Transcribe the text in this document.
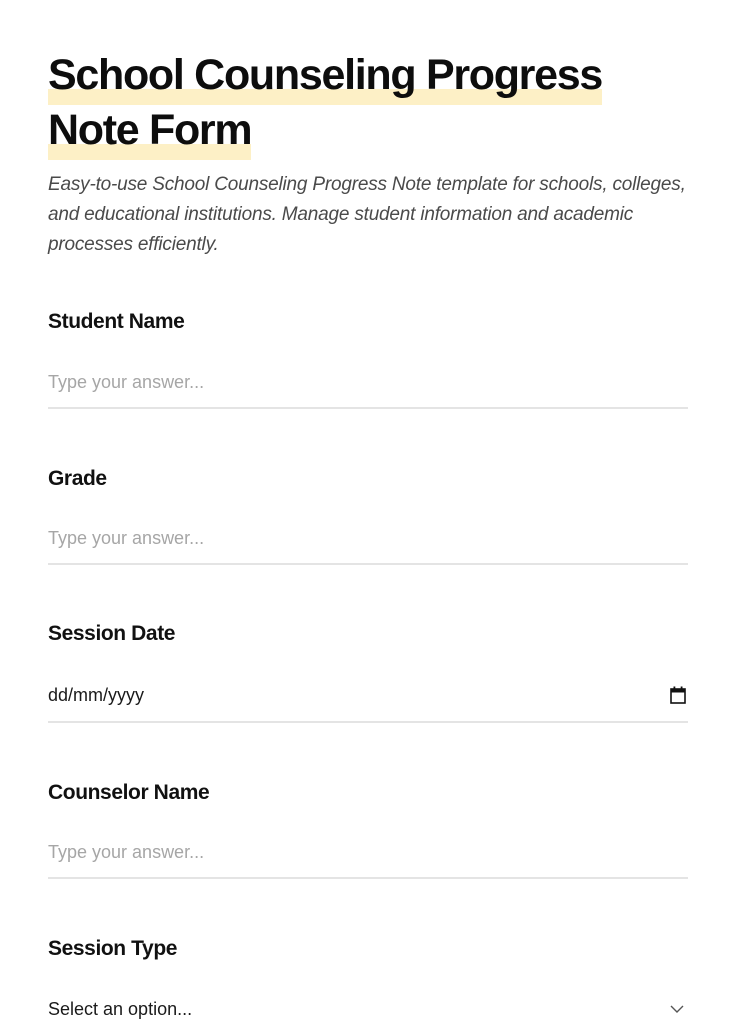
School Counseling Progress
Note Form

Easy-to-use School Counseling Progress Note template for schools, colleges, and educational institutions. Manage student information and academic processes efficiently.

Student Name
Type your answer...
Grade
Type your answer...
Session Date
dd/mm/yyyy
Counselor Name
Type your answer...
Session Type
Select an option...
